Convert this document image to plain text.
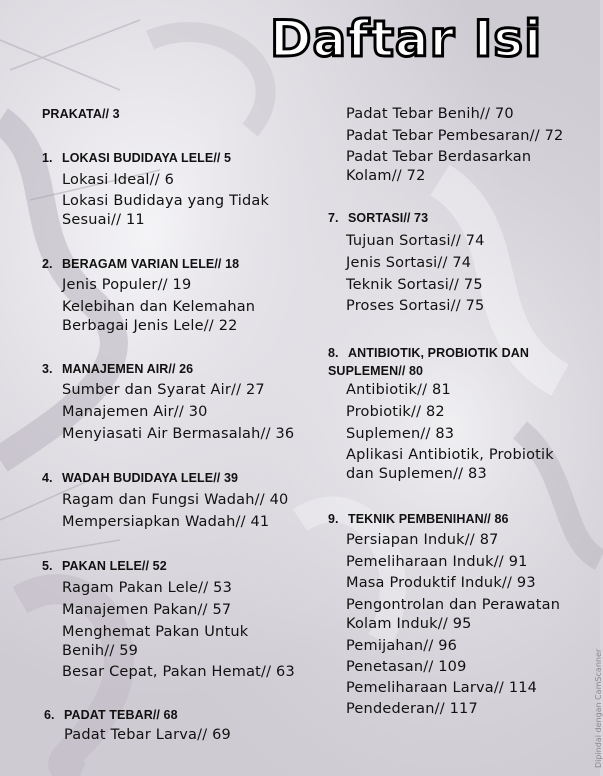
Daftar Isi
PRAKATA// 3
1. LOKASI BUDIDAYA LELE// 5
Lokasi Ideal// 6
Lokasi Budidaya yang Tidak Sesuai// 11
2. BERAGAM VARIAN LELE// 18
Jenis Populer// 19
Kelebihan dan Kelemahan Berbagai Jenis Lele// 22
3. MANAJEMEN AIR// 26
Sumber dan Syarat Air// 27
Manajemen Air// 30
Menyiasati Air Bermasalah// 36
4. WADAH BUDIDAYA LELE// 39
Ragam dan Fungsi Wadah// 40
Mempersiapkan Wadah// 41
5. PAKAN LELE// 52
Ragam Pakan Lele// 53
Manajemen Pakan// 57
Menghemat Pakan Untuk Benih// 59
Besar Cepat, Pakan Hemat// 63
6. PADAT TEBAR// 68
Padat Tebar Larva// 69
Padat Tebar Benih// 70
Padat Tebar Pembesaran// 72
Padat Tebar Berdasarkan Kolam// 72
7. SORTASI// 73
Tujuan Sortasi// 74
Jenis Sortasi// 74
Teknik Sortasi// 75
Proses Sortasi// 75
8. ANTIBIOTIK, PROBIOTIK DAN SUPLEMEN// 80
Antibiotik// 81
Probiotik// 82
Suplemen// 83
Aplikasi Antibiotik, Probiotik dan Suplemen// 83
9. TEKNIK PEMBENIHAN// 86
Persiapan Induk// 87
Pemeliharaan Induk// 91
Masa Produktif Induk// 93
Pengontrolan dan Perawatan Kolam Induk// 95
Pemijahan// 96
Penetasan// 109
Pemeliharaan Larva// 114
Pendederan// 117	Dipindai dengan CamScanner
